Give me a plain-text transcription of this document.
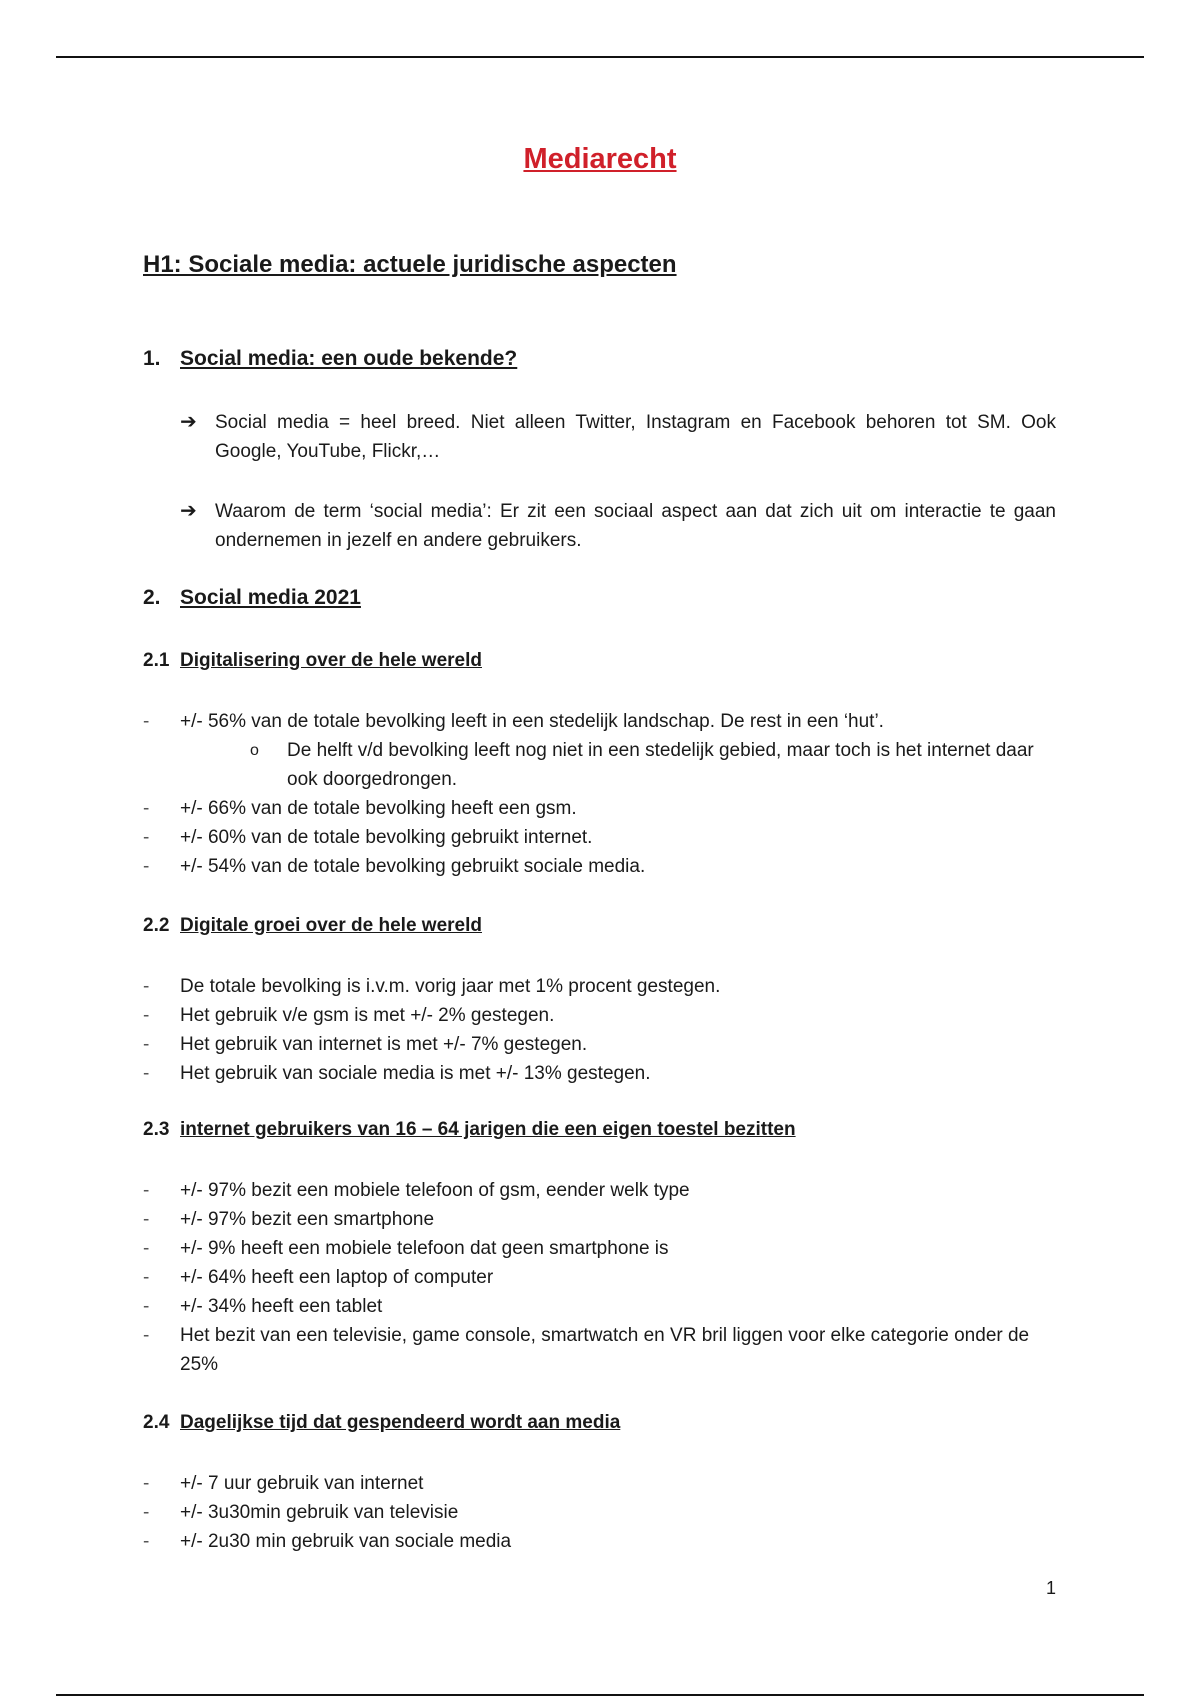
Mediarecht
H1: Sociale media: actuele juridische aspecten
1. Social media: een oude bekende?
➔ Social media = heel breed. Niet alleen Twitter, Instagram en Facebook behoren tot SM. Ook Google, YouTube, Flickr,…
➔ Waarom de term ‘social media’: Er zit een sociaal aspect aan dat zich uit om interactie te gaan ondernemen in jezelf en andere gebruikers.
2. Social media 2021
2.1 Digitalisering over de hele wereld
-	+/- 56% van de totale bevolking leeft in een stedelijk landschap. De rest in een ‘hut’.
o	De helft v/d bevolking leeft nog niet in een stedelijk gebied, maar toch is het internet daar ook doorgedrongen.
-	+/- 66% van de totale bevolking heeft een gsm.
-	+/- 60% van de totale bevolking gebruikt internet.
-	+/- 54% van de totale bevolking gebruikt sociale media.
2.2 Digitale groei over de hele wereld
-	De totale bevolking is i.v.m. vorig jaar met 1% procent gestegen.
-	Het gebruik v/e gsm is met +/- 2% gestegen.
-	Het gebruik van internet is met +/- 7% gestegen.
-	Het gebruik van sociale media is met +/- 13% gestegen.
2.3 internet gebruikers van 16 – 64 jarigen die een eigen toestel bezitten
-	+/- 97% bezit een mobiele telefoon of gsm, eender welk type
-	+/- 97% bezit een smartphone
-	+/- 9% heeft een mobiele telefoon dat geen smartphone is
-	+/- 64% heeft een laptop of computer
-	+/- 34% heeft een tablet
-	Het bezit van een televisie, game console, smartwatch en VR bril liggen voor elke categorie onder de 25%
2.4 Dagelijkse tijd dat gespendeerd wordt aan media
-	+/- 7 uur gebruik van internet
-	+/- 3u30min gebruik van televisie
-	+/- 2u30 min gebruik van sociale media
1
